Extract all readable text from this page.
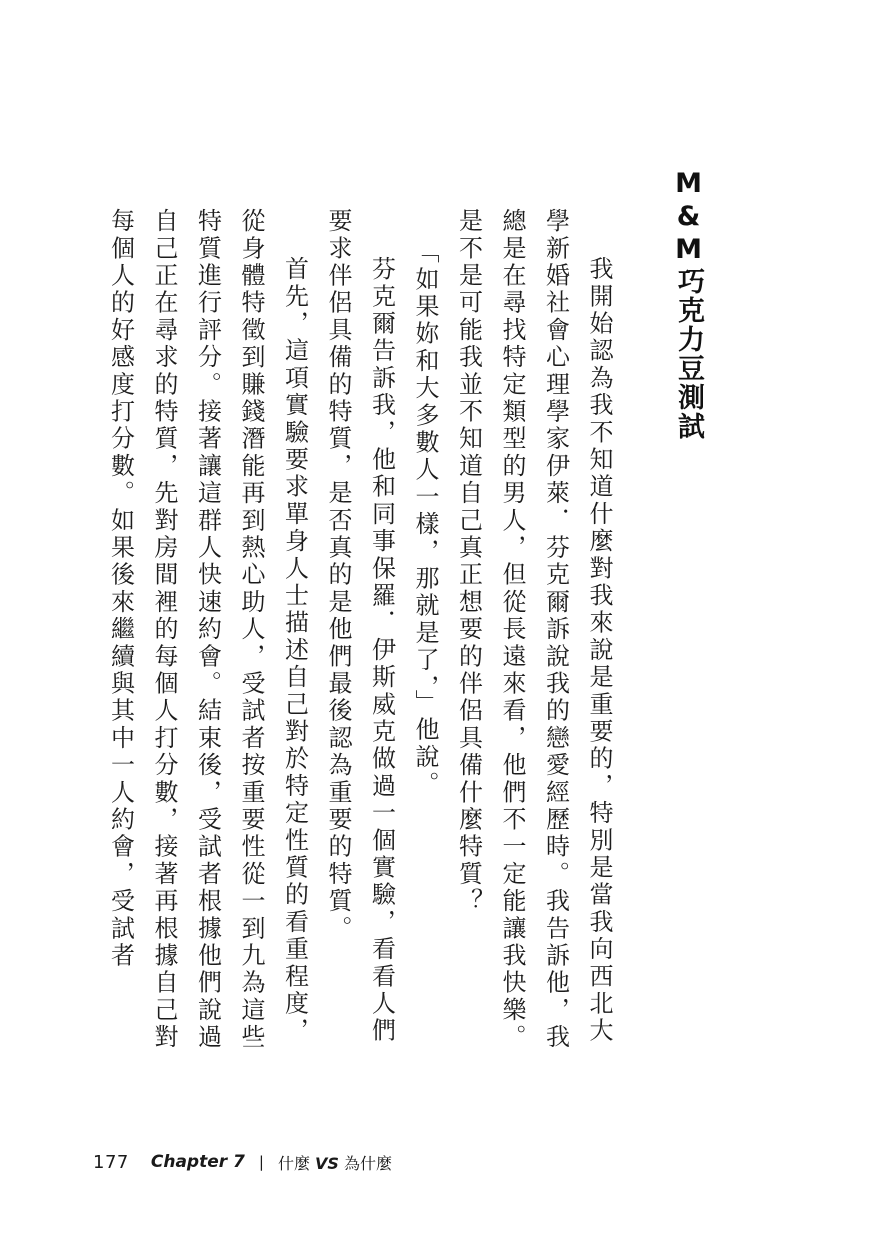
M&M巧克力豆測試

我開始認為我不知道什麼對我來說是重要的，特別是當我向西北大學新婚社會心理學家伊萊．芬克爾訴說我的戀愛經歷時。我告訴他，我總是在尋找特定類型的男人，但從長遠來看，他們不一定能讓我快樂。是不是可能我並不知道自己真正想要的伴侶具備什麼特質？

「如果妳和大多數人一樣，那就是了，」他說。

芬克爾告訴我，他和同事保羅．伊斯威克做過一個實驗，看看人們要求伴侶具備的特質，是否真的是他們最後認為重要的特質。

首先，這項實驗要求單身人士描述自己對於特定性質的看重程度，從身體特徵到賺錢潛能再到熱心助人，受試者按重要性從一到九為這些特質進行評分。接著讓這群人快速約會。結束後，受試者根據他們說過自己正在尋求的特質，先對房間裡的每個人打分數，接著再根據自己對每個人的好感度打分數。如果後來繼續與其中一人約會，受試者

177 Chapter 7 | 什麼 VS 為什麼
